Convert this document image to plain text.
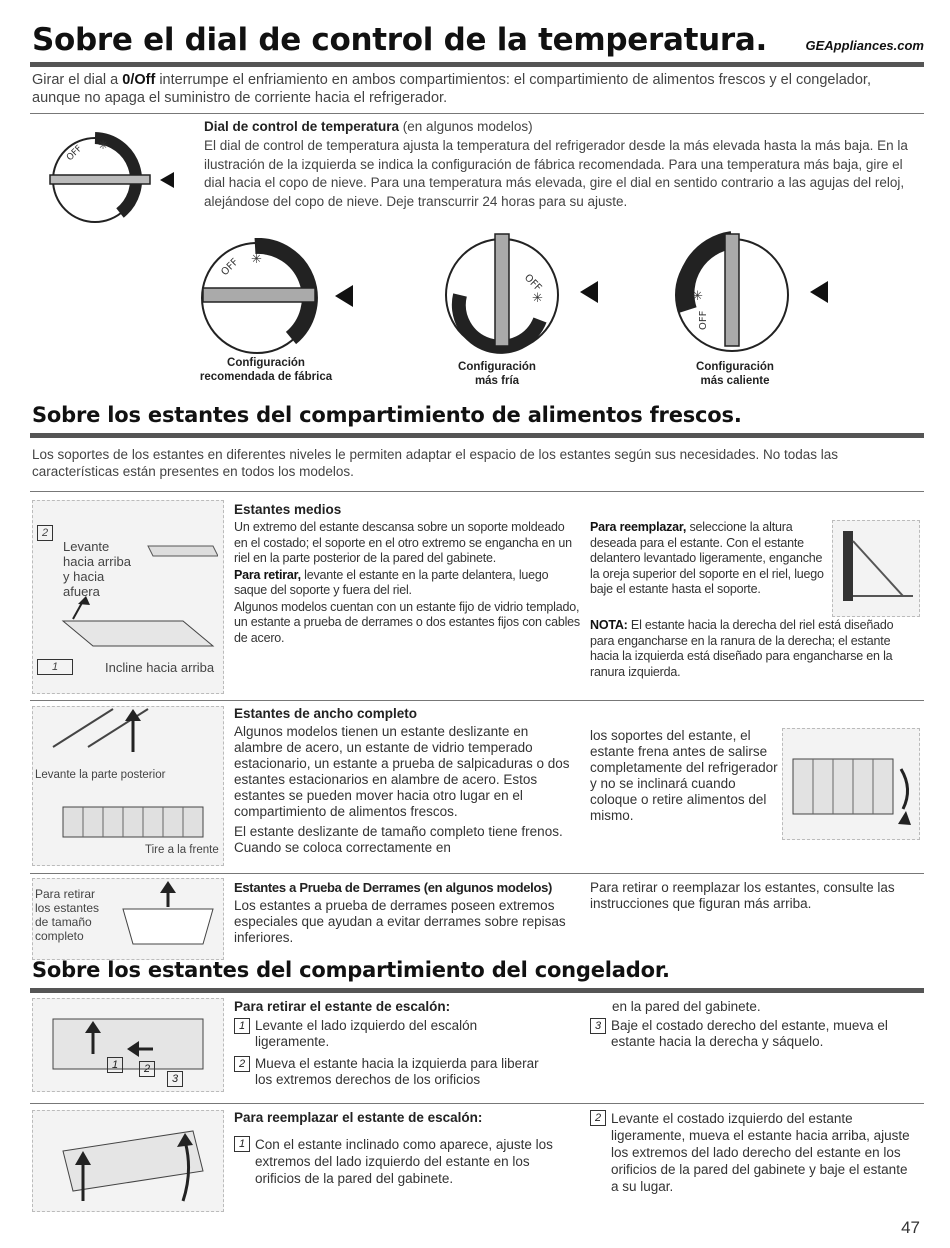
Sobre el dial de control de la temperatura.	GEAppliances.com

Girar el dial a 0/Off interrumpe el enfriamiento en ambos compartimientos: el compartimiento de alimentos frescos y el congelador, aunque no apaga el suministro de corriente hacia el refrigerador.

OFF ✳
Dial de control de temperatura (en algunos modelos)

El dial de control de temperatura ajusta la temperatura del refrigerador desde la más elevada hasta la más baja. En la ilustración de la izquierda se indica la configuración de fábrica recomendada. Para una temperatura más baja, gire el dial hacia el copo de nieve. Para una temperatura más elevada, gire el dial en sentido contrario a las agujas del reloj, alejándose del copo de nieve. Deje transcurrir 24 horas para su ajuste.

OFF ✳
Configuración
recomendada de fábrica
OFF
✳
Configuración
más fría
OFF
✳
Configuración
más caliente
Sobre los estantes del compartimiento de alimentos frescos.

Los soportes de los estantes en diferentes niveles le permiten adaptar el espacio de los estantes según sus necesidades. No todas las características están presentes en todos los modelos.

2
Levante hacia arriba y hacia afuera
1	Incline hacia arriba
Estantes medios

Un extremo del estante descansa sobre un soporte moldeado en el costado; el soporte en el otro extremo se engancha en un riel en la parte posterior de la pared del gabinete.

Para retirar, levante el estante en la parte delantera, luego saque del soporte y fuera del riel.

Algunos modelos cuentan con un estante fijo de vidrio templado, un estante a prueba de derrames o dos estantes fijos con cables de acero.

Para reemplazar, seleccione la altura deseada para el estante. Con el estante delantero levantado ligeramente, enganche la oreja superior del soporte en el riel, luego baje el estante hasta el soporte.

NOTA: El estante hacia la derecha del riel está diseñado para engancharse en la ranura de la derecha; el estante hacia la izquierda está diseñado para engancharse en la ranura izquierda.

Levante la parte posterior
Tire a la frente
Estantes de ancho completo

Algunos modelos tienen un estante deslizante en alambre de acero, un estante de vidrio temperado estacionario, un estante a prueba de salpicaduras o dos estantes estacionarios en alambre de acero. Estos estantes se pueden mover hacia otro lugar en el compartimiento de alimentos frescos.

El estante deslizante de tamaño completo tiene frenos. Cuando se coloca correctamente en

los soportes del estante, el estante frena antes de salirse completamente del refrigerador y no se inclinará cuando coloque o retire alimentos del mismo.

Para retirar los estantes de tamaño completo
Estantes a Prueba de Derrames (en algunos modelos)

Los estantes a prueba de derrames poseen extremos especiales que ayudan a evitar derrames sobre repisas inferiores.

Para retirar o reemplazar los estantes, consulte las instrucciones que figuran más arriba.

Sobre los estantes del compartimiento del congelador.
1	2
3
Para retirar el estante de escalón:
1 Levante el lado izquierdo del escalón ligeramente.
2 Mueva el estante hacia la izquierda para liberar los extremos derechos de los orificios

en la pared del gabinete.

3 Baje el costado derecho del estante, mueva el estante hacia la derecha y sáquelo.
Para reemplazar el estante de escalón:
1 Con el estante inclinado como aparece, ajuste los extremos del lado izquierdo del estante en los orificios de la pared del gabinete.
2 Levante el costado izquierdo del estante ligeramente, mueva el estante hacia arriba, ajuste los extremos del lado derecho del estante en los orificios de la pared del gabinete y baje el estante a su lugar.
47
